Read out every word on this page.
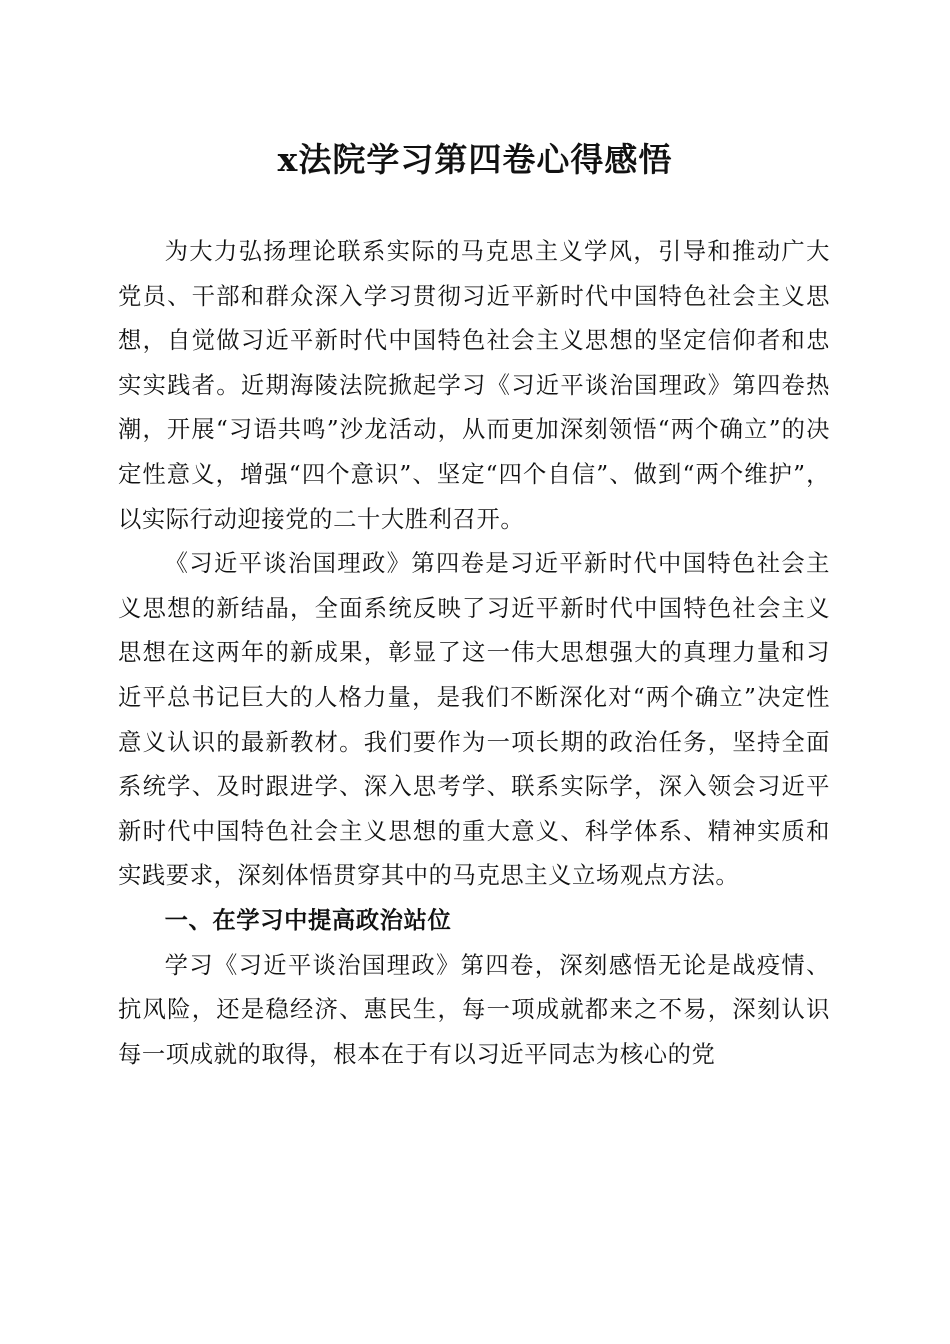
x法院学习第四卷心得感悟

为大力弘扬理论联系实际的马克思主义学风，引导和推动广大党员、干部和群众深入学习贯彻习近平新时代中国特色社会主义思想，自觉做习近平新时代中国特色社会主义思想的坚定信仰者和忠实实践者。近期海陵法院掀起学习《习近平谈治国理政》第四卷热潮，开展“习语共鸣”沙龙活动，从而更加深刻领悟“两个确立”的决定性意义，增强“四个意识”、坚定“四个自信”、做到“两个维护”，以实际行动迎接党的二十大胜利召开。

《习近平谈治国理政》第四卷是习近平新时代中国特色社会主义思想的新结晶，全面系统反映了习近平新时代中国特色社会主义思想在这两年的新成果，彰显了这一伟大思想强大的真理力量和习近平总书记巨大的人格力量，是我们不断深化对“两个确立”决定性意义认识的最新教材。我们要作为一项长期的政治任务，坚持全面系统学、及时跟进学、深入思考学、联系实际学，深入领会习近平新时代中国特色社会主义思想的重大意义、科学体系、精神实质和实践要求，深刻体悟贯穿其中的马克思主义立场观点方法。

一、在学习中提高政治站位

学习《习近平谈治国理政》第四卷，深刻感悟无论是战疫情、抗风险，还是稳经济、惠民生，每一项成就都来之不易，深刻认识每一项成就的取得，根本在于有以习近平同志为核心的党
